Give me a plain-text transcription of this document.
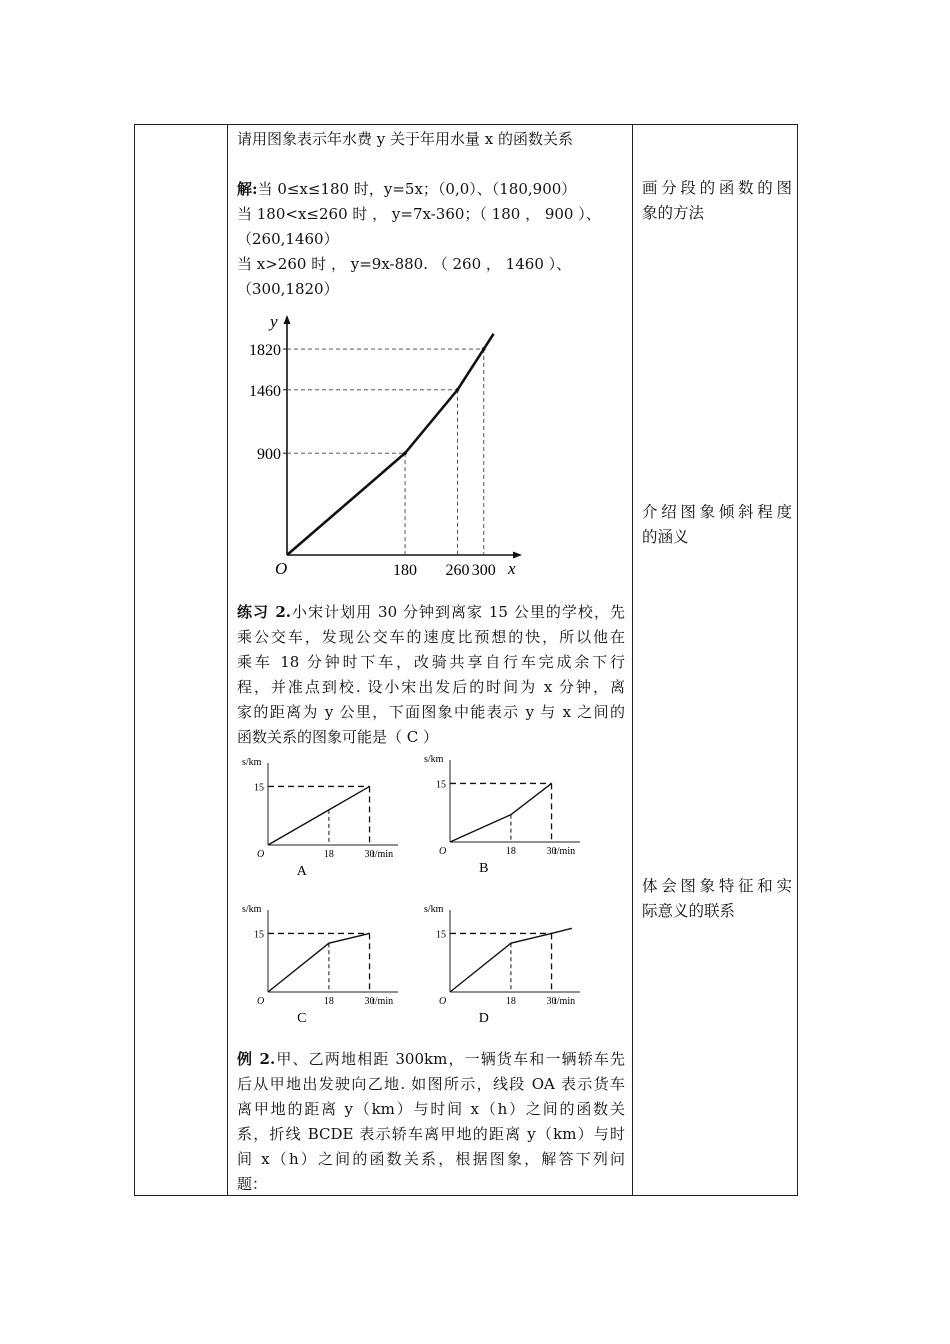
请用图象表示年水费 y 关于年用水量 x 的函数关系

解:当 0≤x≤180 时，y=5x；（0,0）、（180,900）

当 180<x≤260 时 ， y=7x-360；（ 180 ， 900 ）、

（260,1460）

当 x>260 时 ， y=9x-880. （ 260 ， 1460 ）、

（300,1820）

x
y
O
900
180
1460
260
1820
300

练习 2.小宋计划用 30 分钟到离家 15 公里的学校，先

乘公交车，发现公交车的速度比预想的快，所以他在

乘车 18 分钟时下车，改骑共享自行车完成余下行

程，并准点到校. 设小宋出发后的时间为 x 分钟，离

家的距离为 y 公里，下面图象中能表示 y 与 x 之间的

函数关系的图象可能是（ C ）

s/km
t/min
O
15
18	30
A
s/km
t/min
O
15
18	30
B
s/km
t/min
O
15
18	30
C
s/km
t/min
O
15
18	30
D

例 2.甲、乙两地相距 300km，一辆货车和一辆轿车先

后从甲地出发驶向乙地. 如图所示，线段 OA 表示货车

离甲地的距离 y（km）与时间 x（h）之间的函数关

系，折线 BCDE 表示轿车离甲地的距离 y（km）与时

间 x（h）之间的函数关系，根据图象，解答下列问

题：

画分段的函数的图
象的方法
介绍图象倾斜程度
的涵义
体会图象特征和实
际意义的联系
